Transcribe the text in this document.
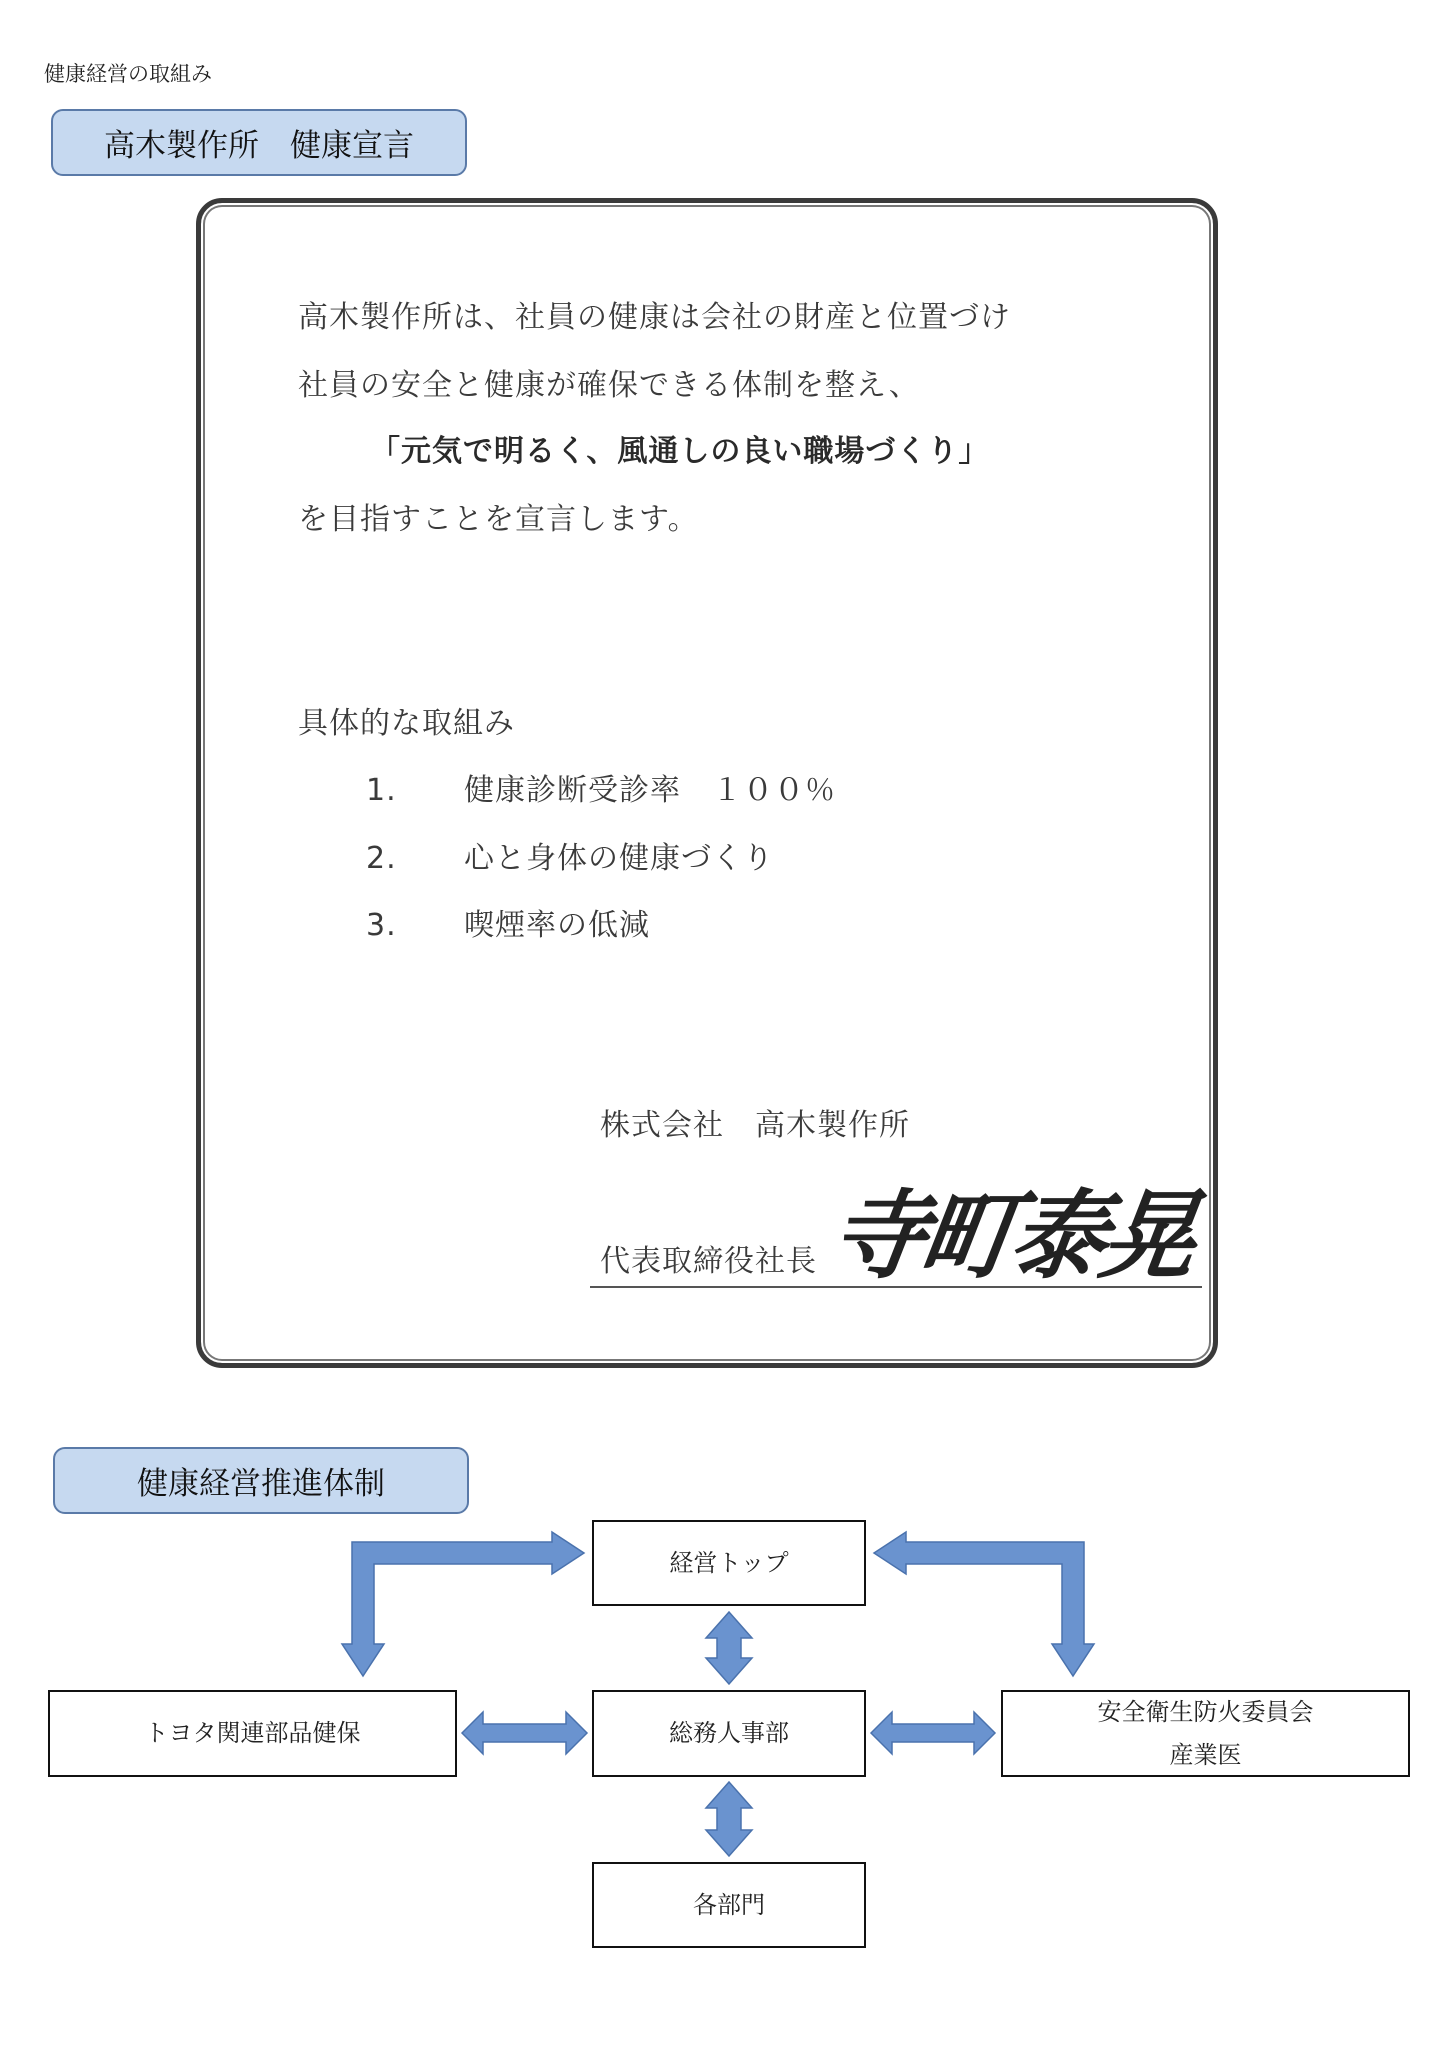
健康経営の取組み
高木製作所　健康宣言
高木製作所は、社員の健康は会社の財産と位置づけ
社員の安全と健康が確保できる体制を整え、
「元気で明るく、風通しの良い職場づくり」
を目指すことを宣言します。
具体的な取組み
1. 健康診断受診率　１００％
2. 心と身体の健康づくり
3. 喫煙率の低減
株式会社　高木製作所
代表取締役社長 寺町泰晃
健康経営推進体制
経営トップ
総務人事部
トヨタ関連部品健保
安全衛生防火委員会
産業医
各部門
